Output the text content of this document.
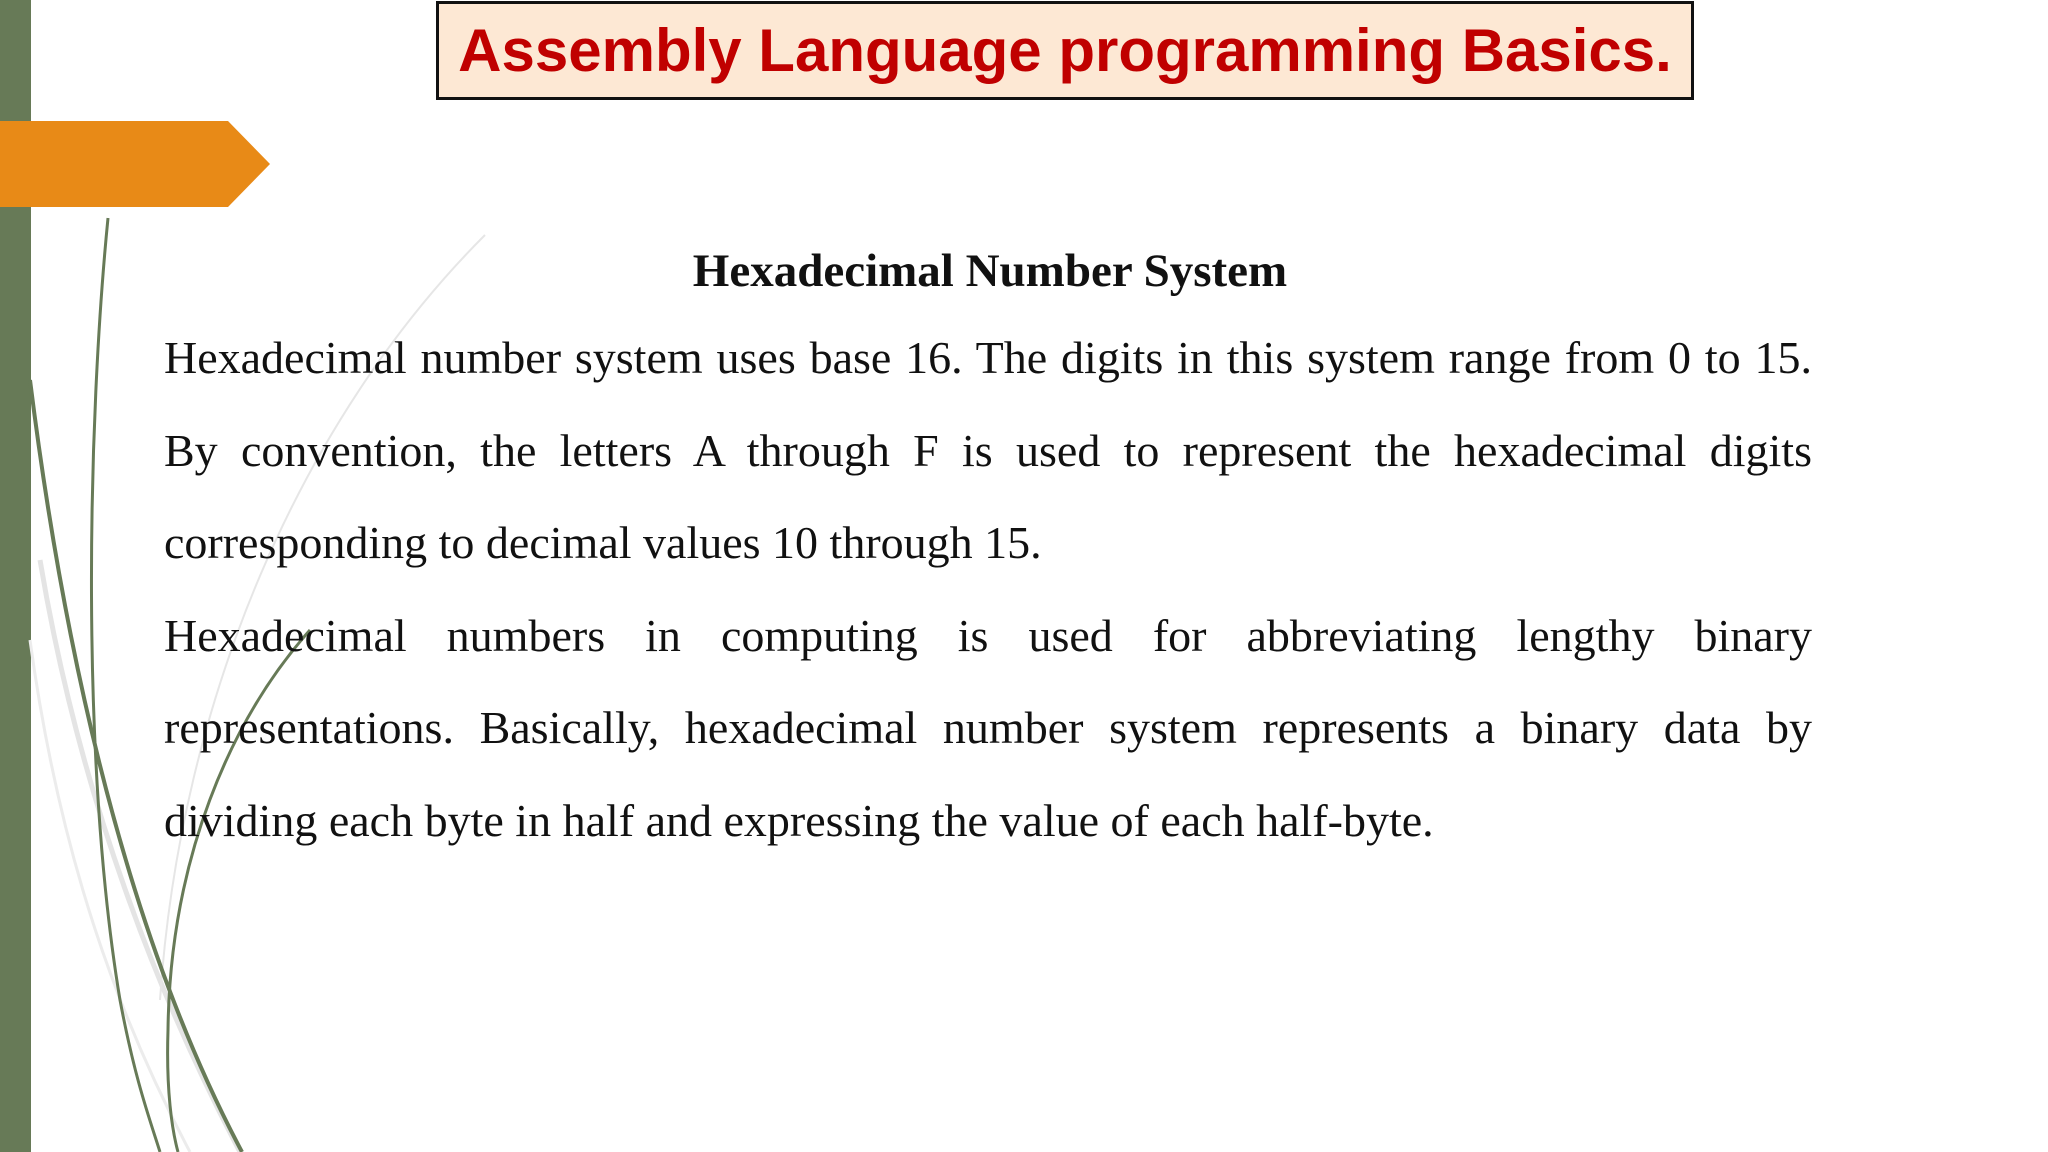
Assembly Language programming Basics.
Hexadecimal Number System

Hexadecimal number system uses base 16. The digits in this system range from 0 to 15. By convention, the letters A through F is used to represent the hexadecimal digits corresponding to decimal values 10 through 15.

Hexadecimal numbers in computing is used for abbreviating lengthy binary representations. Basically, hexadecimal number system represents a binary data by dividing each byte in half and expressing the value of each half-byte.
